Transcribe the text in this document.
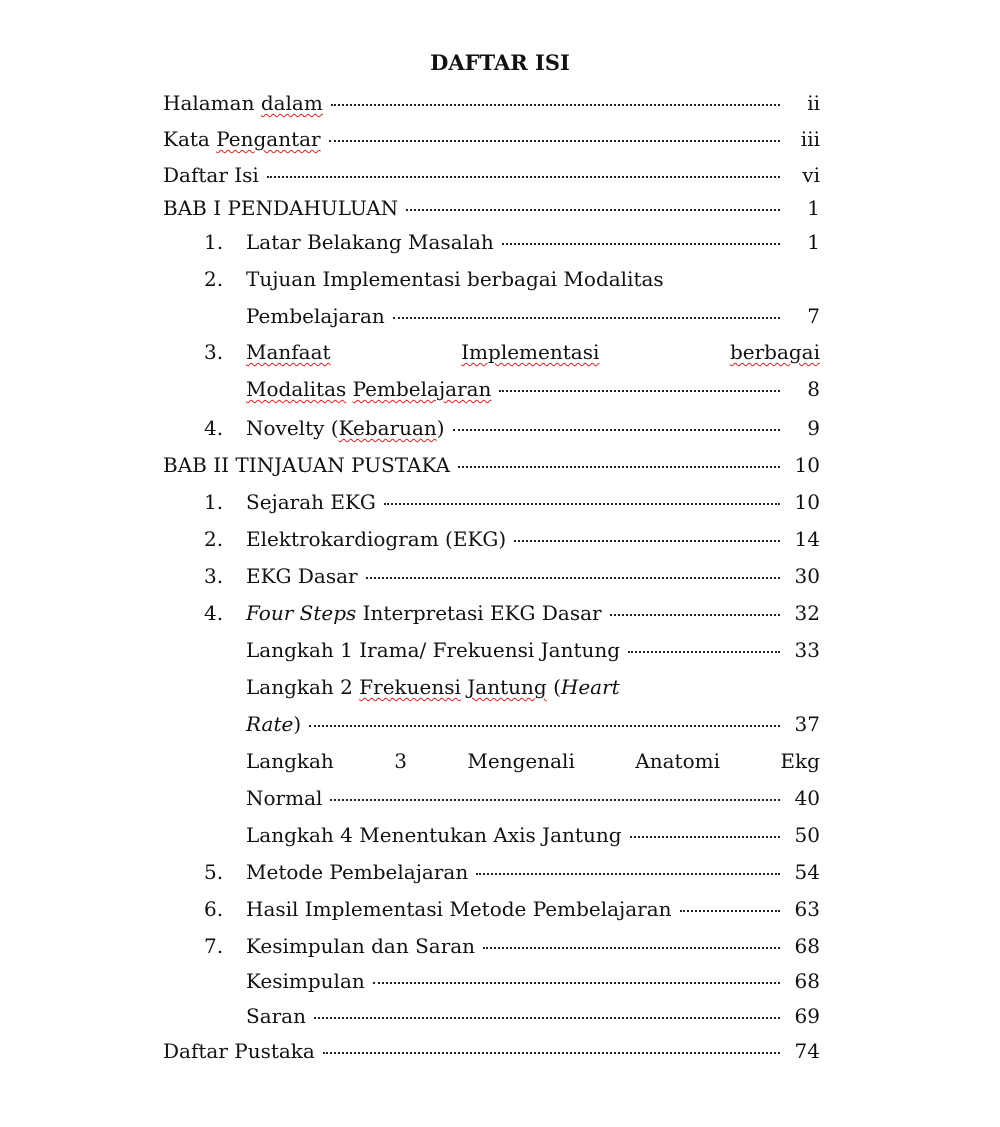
DAFTAR ISI
Halaman dalam	ii
Kata Pengantar	iii
Daftar Isi	vi
BAB I PENDAHULUAN	1
1. Latar Belakang Masalah	1
2. Tujuan Implementasi berbagai Modalitas
Pembelajaran	7
3. Manfaat	Implementasi	berbagai
Modalitas Pembelajaran	8
4. Novelty (Kebaruan)	9
BAB II TINJAUAN PUSTAKA	10
1. Sejarah EKG	10
2. Elektrokardiogram (EKG)	14
3. EKG Dasar	30
4. Four Steps Interpretasi EKG Dasar	32
Langkah 1 Irama/ Frekuensi Jantung	33
Langkah 2 Frekuensi Jantung (Heart
Rate)	37
Langkah	3	Mengenali	Anatomi	Ekg
Normal	40
Langkah 4 Menentukan Axis Jantung	50
5. Metode Pembelajaran	54
6. Hasil Implementasi Metode Pembelajaran	63
7. Kesimpulan dan Saran	68
Kesimpulan	68
Saran	69
Daftar Pustaka	74
